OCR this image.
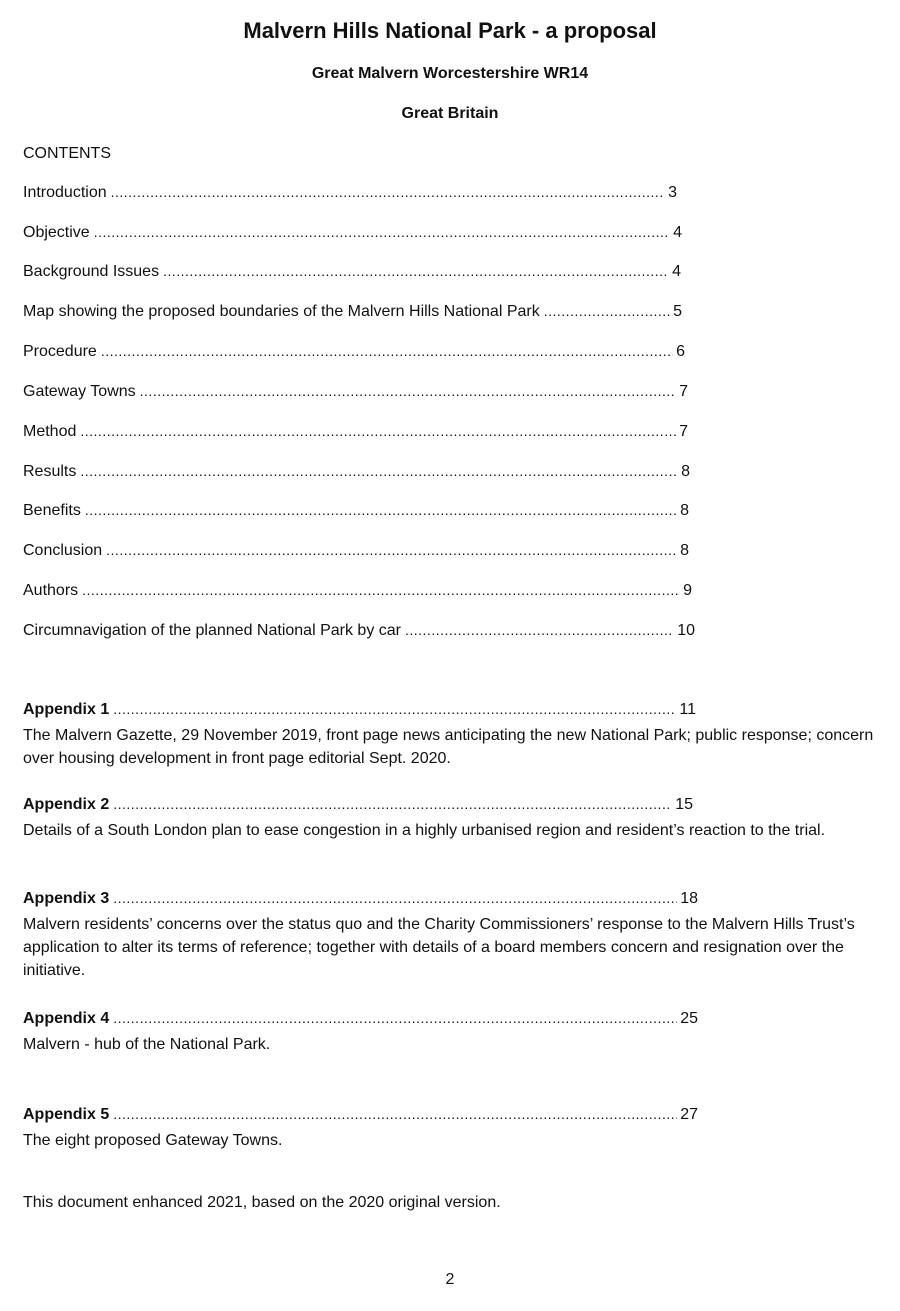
Malvern Hills National Park - a proposal
Great Malvern Worcestershire WR14
Great Britain
CONTENTS
Introduction .....	3
Objective .....	4
Background Issues .....	4
Map showing the proposed boundaries of the Malvern Hills National Park .....	5
Procedure .....	6
Gateway Towns .....	7
Method .....	7
Results .....	8
Benefits .....	8
Conclusion .....	8
Authors .....	9
Circumnavigation of the planned National Park by car .....	10
Appendix 1 .....	11
The Malvern Gazette, 29 November 2019, front page news anticipating the new National Park; public response; concern over housing development in front page editorial Sept. 2020.
Appendix 2 .....	15
Details of a South London plan to ease congestion in a highly urbanised region and resident’s reaction to the trial.
Appendix 3 .....	18
Malvern residents’ concerns over the status quo and the Charity Commissioners’ response to the Malvern Hills Trust’s application to alter its terms of reference; together with details of a board members concern and resignation over the initiative.
Appendix 4 .....	25
Malvern - hub of the National Park.
Appendix 5 .....	27
The eight proposed Gateway Towns.
This document enhanced 2021, based on the 2020 original version.
2
